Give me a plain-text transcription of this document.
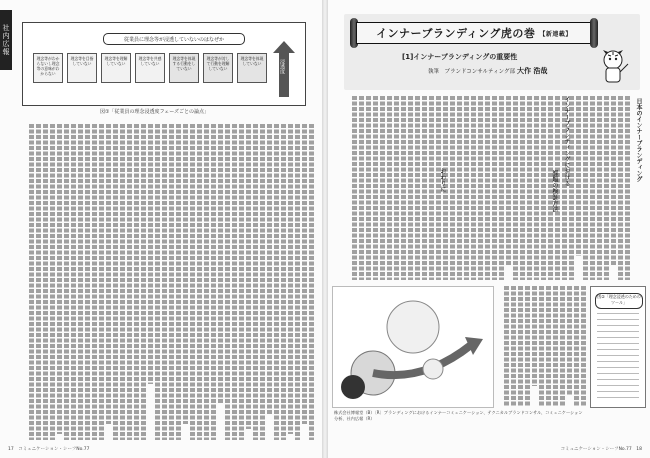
社内広報	従業員に理念等が浸透していないのはなぜか
理念等がわからないし理念等の意味がわからない
理念等を目指していない
理念等を理解していない
理念等を共感していない
理念等を体現する行動をしていない
理念等が対して行動を理解していない
理念等を体現していない	浸透度
図①「従業員の理念浸透度フェーズごとの論点」
17　コミュニケーション・シーフNo.77
インナーブランディング虎の巻 【新連載】
[1]インナーブランディングの重要性
執筆　ブランドコンサルティング部 大作 浩哉
日本のインナーブランディング
図②「理念浸透のためのツール」
株式会社博報堂（B）〔R〕ブランディングにおけるインナーコミュニケーション、テクニカルブランドコンサル、コミュニケーション分析、社内広報（R）
コミュニケーション・シーフNo.77　18
